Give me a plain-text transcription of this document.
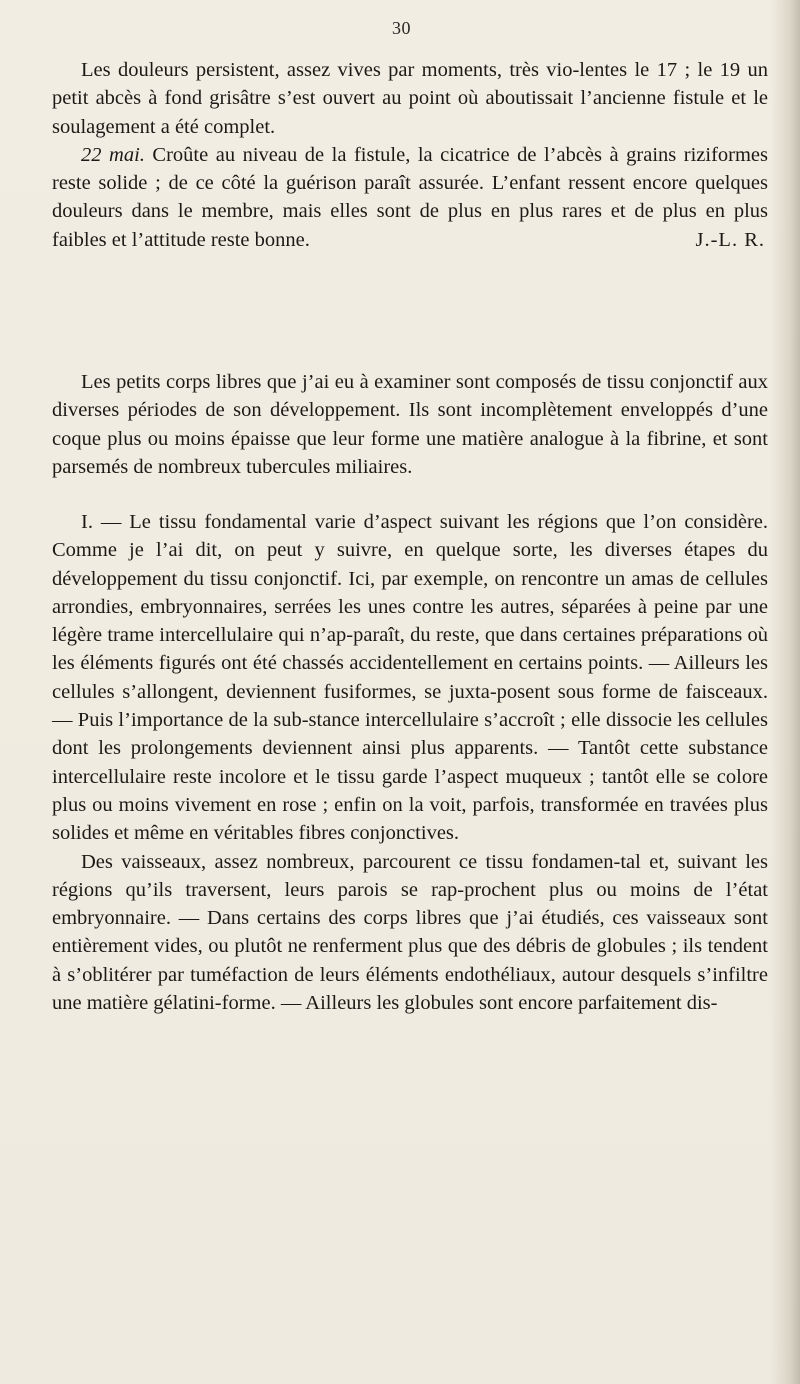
30

Les douleurs persistent, assez vives par moments, très vio-lentes le 17 ; le 19 un petit abcès à fond grisâtre s’est ouvert au point où aboutissait l’ancienne fistule et le soulagement a été complet.

22 mai. Croûte au niveau de la fistule, la cicatrice de l’abcès à grains riziformes reste solide ; de ce côté la guérison paraît assurée. L’enfant ressent encore quelques douleurs dans le membre, mais elles sont de plus en plus rares et de plus en plus faibles et l’attitude reste bonne.	J.-L. R.

Les petits corps libres que j’ai eu à examiner sont composés de tissu conjonctif aux diverses périodes de son développement. Ils sont incomplètement enveloppés d’une coque plus ou moins épaisse que leur forme une matière analogue à la fibrine, et sont parsemés de nombreux tubercules miliaires.

I. — Le tissu fondamental varie d’aspect suivant les régions que l’on considère. Comme je l’ai dit, on peut y suivre, en quelque sorte, les diverses étapes du développement du tissu conjonctif. Ici, par exemple, on rencontre un amas de cellules arrondies, embryonnaires, serrées les unes contre les autres, séparées à peine par une légère trame intercellulaire qui n’ap-paraît, du reste, que dans certaines préparations où les éléments figurés ont été chassés accidentellement en certains points. — Ailleurs les cellules s’allongent, deviennent fusiformes, se juxta-posent sous forme de faisceaux. — Puis l’importance de la sub-stance intercellulaire s’accroît ; elle dissocie les cellules dont les prolongements deviennent ainsi plus apparents. — Tantôt cette substance intercellulaire reste incolore et le tissu garde l’aspect muqueux ; tantôt elle se colore plus ou moins vivement en rose ; enfin on la voit, parfois, transformée en travées plus solides et même en véritables fibres conjonctives.

Des vaisseaux, assez nombreux, parcourent ce tissu fondamen-tal et, suivant les régions qu’ils traversent, leurs parois se rap-prochent plus ou moins de l’état embryonnaire. — Dans certains des corps libres que j’ai étudiés, ces vaisseaux sont entièrement vides, ou plutôt ne renferment plus que des débris de globules ; ils tendent à s’oblitérer par tuméfaction de leurs éléments endothéliaux, autour desquels s’infiltre une matière gélatini-forme. — Ailleurs les globules sont encore parfaitement dis-
